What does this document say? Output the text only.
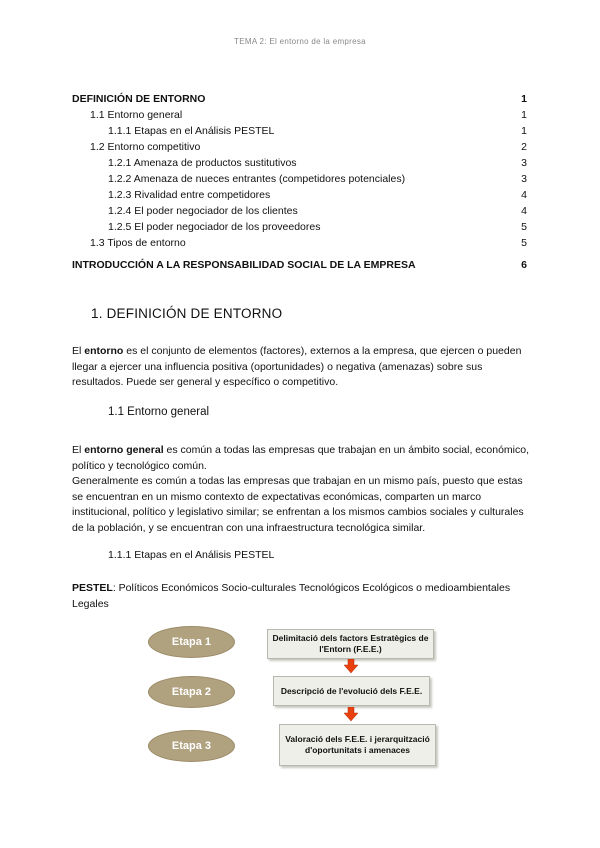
TEMA 2: El entorno de la empresa
DEFINICIÓN DE ENTORNO	1
1.1 Entorno general	1
1.1.1 Etapas en el Análisis PESTEL	1
1.2 Entorno competitivo	2
1.2.1 Amenaza de productos sustitutivos	3
1.2.2 Amenaza de nueces entrantes (competidores potenciales)	3
1.2.3 Rivalidad entre competidores	4
1.2.4 El poder negociador de los clientes	4
1.2.5 El poder negociador de los proveedores	5
1.3 Tipos de entorno	5
INTRODUCCIÓN A LA RESPONSABILIDAD SOCIAL DE LA EMPRESA	6
1. DEFINICIÓN DE ENTORNO
El entorno es el conjunto de elementos (factores), externos a la empresa, que ejercen o pueden llegar a ejercer una influencia positiva (oportunidades) o negativa (amenazas) sobre sus resultados. Puede ser general y específico o competitivo.
1.1 Entorno general
El entorno general es común a todas las empresas que trabajan en un ámbito social, económico, político y tecnológico común.
Generalmente es común a todas las empresas que trabajan en un mismo país, puesto que estas se encuentran en un mismo contexto de expectativas económicas, comparten un marco institucional, político y legislativo similar; se enfrentan a los mismos cambios sociales y culturales de la población, y se encuentran con una infraestructura tecnológica similar.
1.1.1 Etapas en el Análisis PESTEL
PESTEL: Políticos Económicos Socio-culturales Tecnológicos Ecológicos o medioambientales Legales
Etapa 1
Etapa 2
Etapa 3
Delimitació dels factors Estratègics de l'Entorn (F.E.E.)
Descripció de l'evolució dels F.E.E.
Valoració dels F.E.E. i jerarquització d'oportunitats i amenaces
